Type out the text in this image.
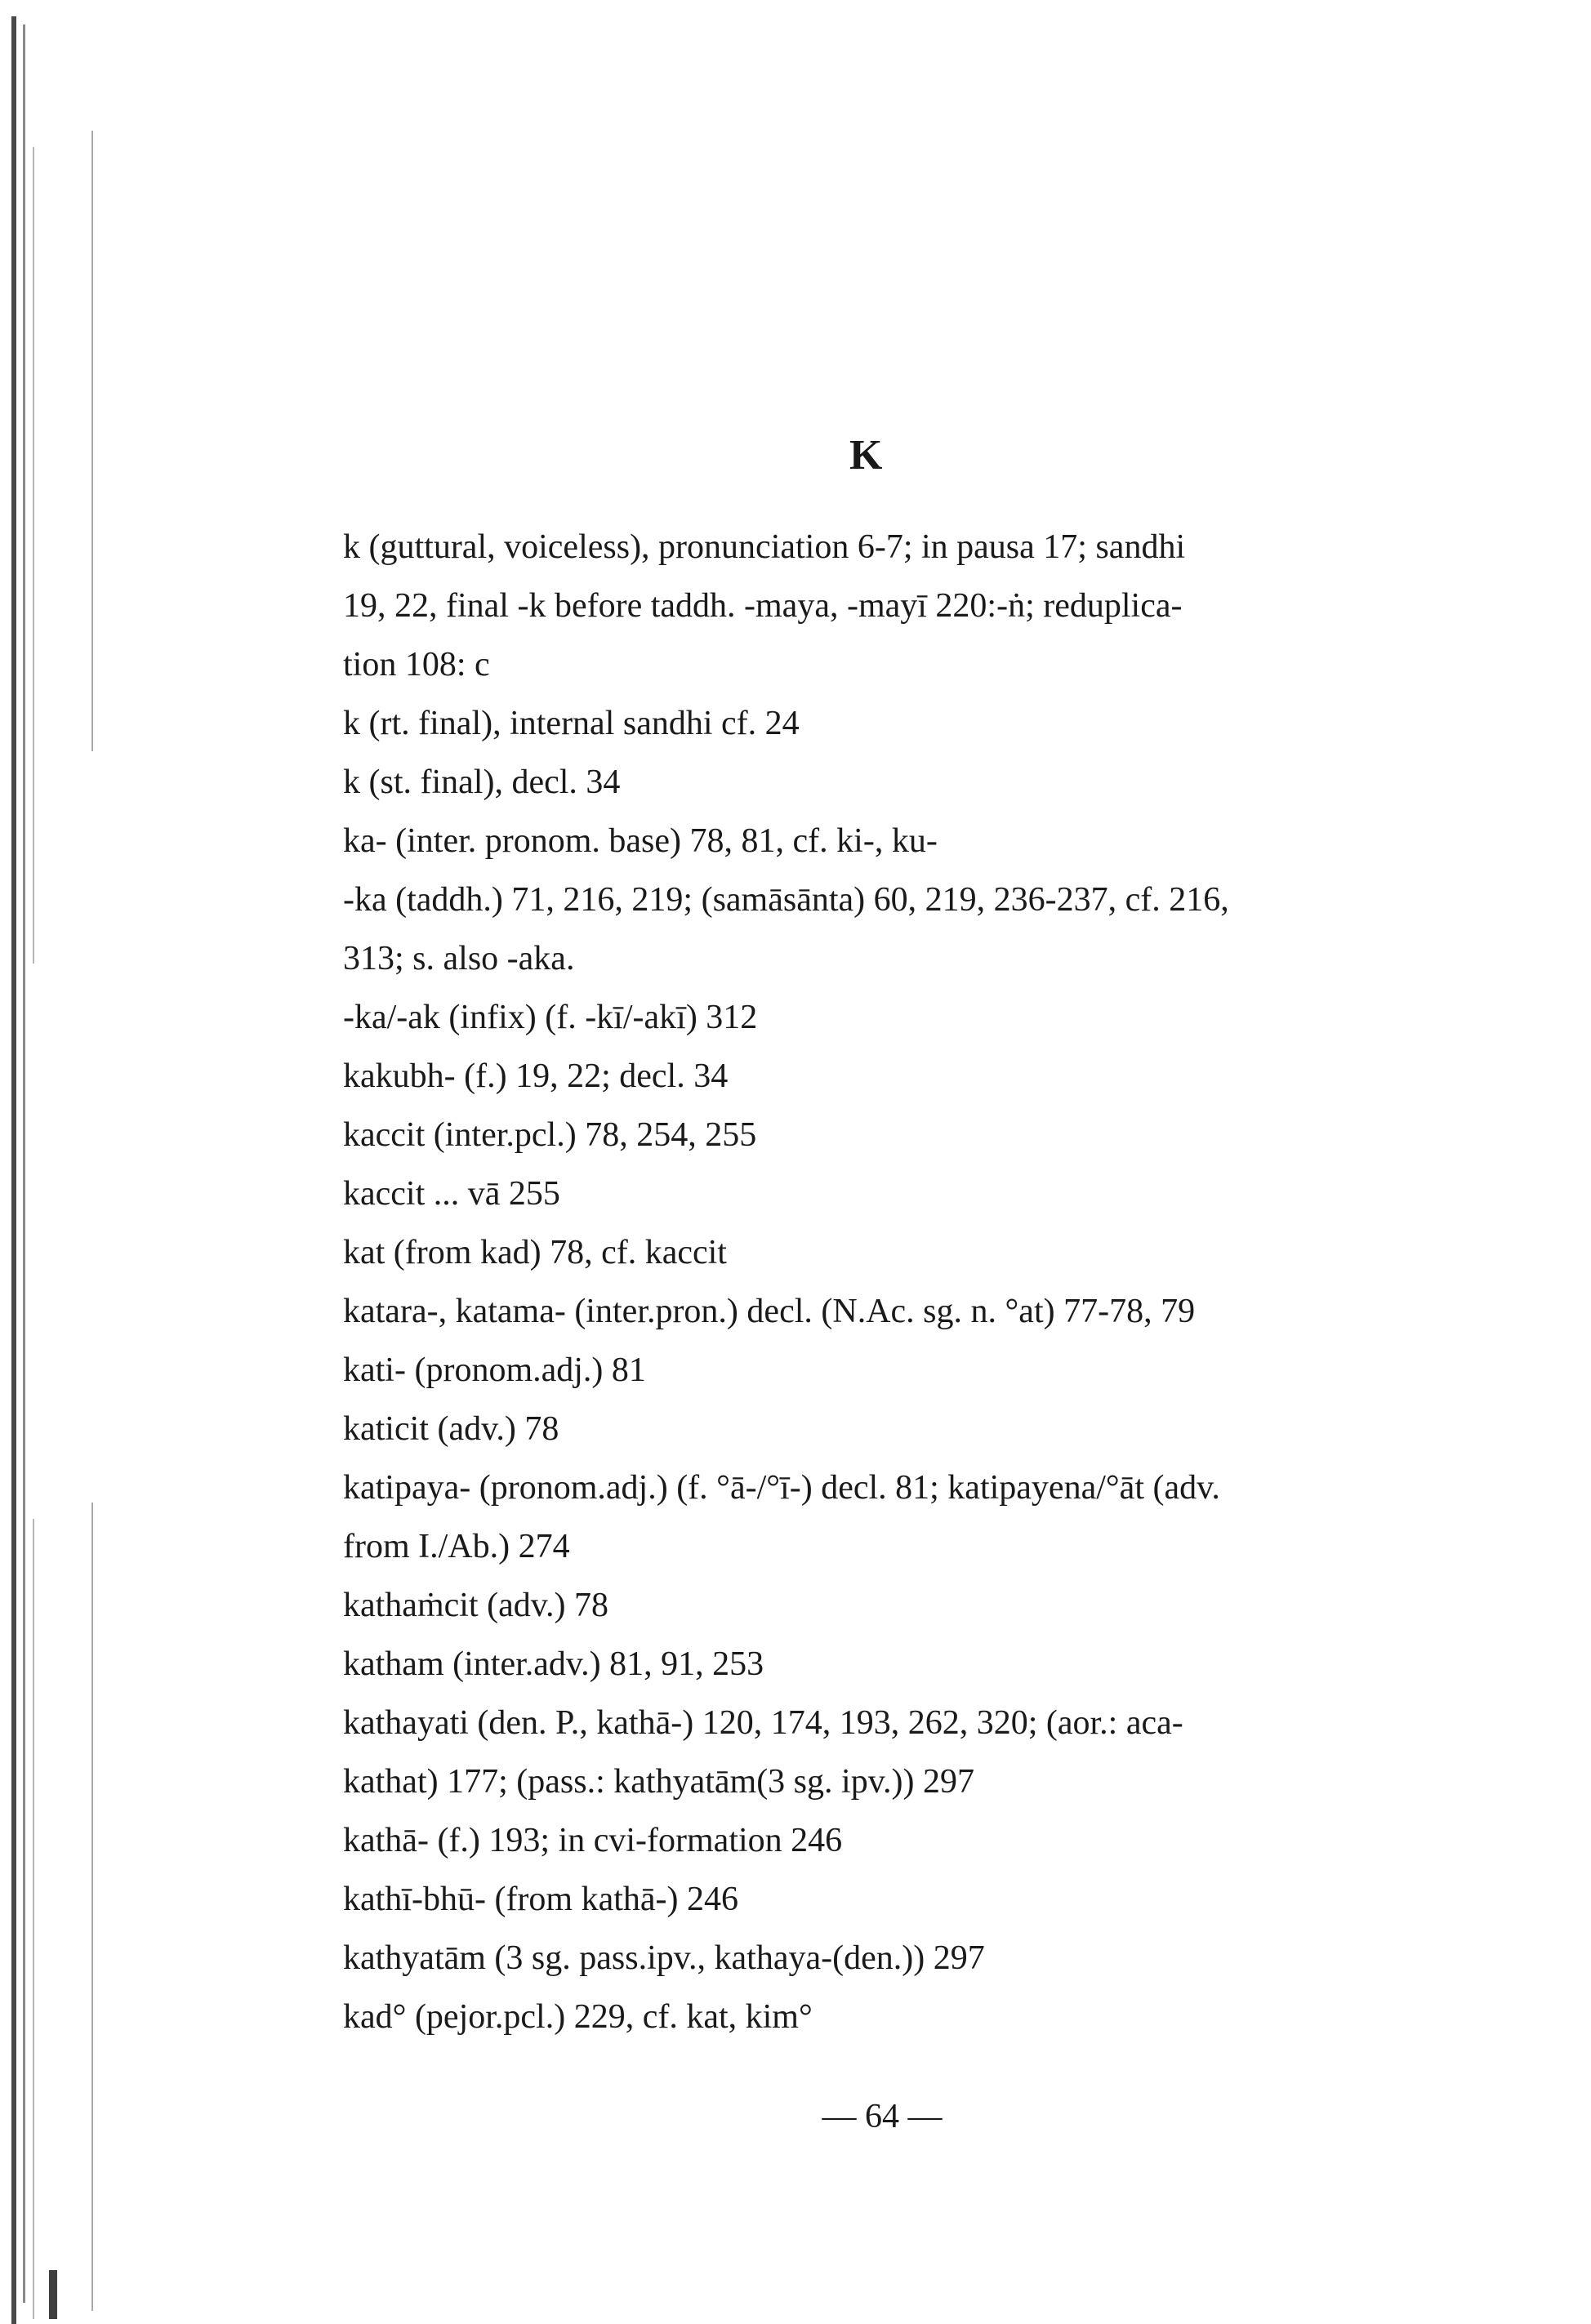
K
k (guttural, voiceless), pronunciation 6-7; in pausa 17; sandhi
19, 22, final -k before taddh. -maya, -mayī 220:-ṅ; reduplica-
tion 108: c
k (rt. final), internal sandhi cf. 24
k (st. final), decl. 34
ka- (inter. pronom. base) 78, 81, cf. ki-, ku-
-ka (taddh.) 71, 216, 219; (samāsānta) 60, 219, 236-237, cf. 216,
313; s. also -aka.
-ka/-ak (infix) (f. -kī/-akī) 312
kakubh- (f.) 19, 22; decl. 34
kaccit (inter.pcl.) 78, 254, 255
kaccit ... vā 255
kat (from kad) 78, cf. kaccit
katara-, katama- (inter.pron.) decl. (N.Ac. sg. n. °at) 77-78, 79
kati- (pronom.adj.) 81
katicit (adv.) 78
katipaya- (pronom.adj.) (f. °ā-/°ī-) decl. 81; katipayena/°āt (adv.
from I./Ab.) 274
kathaṁcit (adv.) 78
katham (inter.adv.) 81, 91, 253
kathayati (den. P., kathā-) 120, 174, 193, 262, 320; (aor.: aca-
kathat) 177; (pass.: kathyatām(3 sg. ipv.)) 297
kathā- (f.) 193; in cvi-formation 246
kathī-bhū- (from kathā-) 246
kathyatām (3 sg. pass.ipv., kathaya-(den.)) 297
kad° (pejor.pcl.) 229, cf. kat, kim°
— 64 —
